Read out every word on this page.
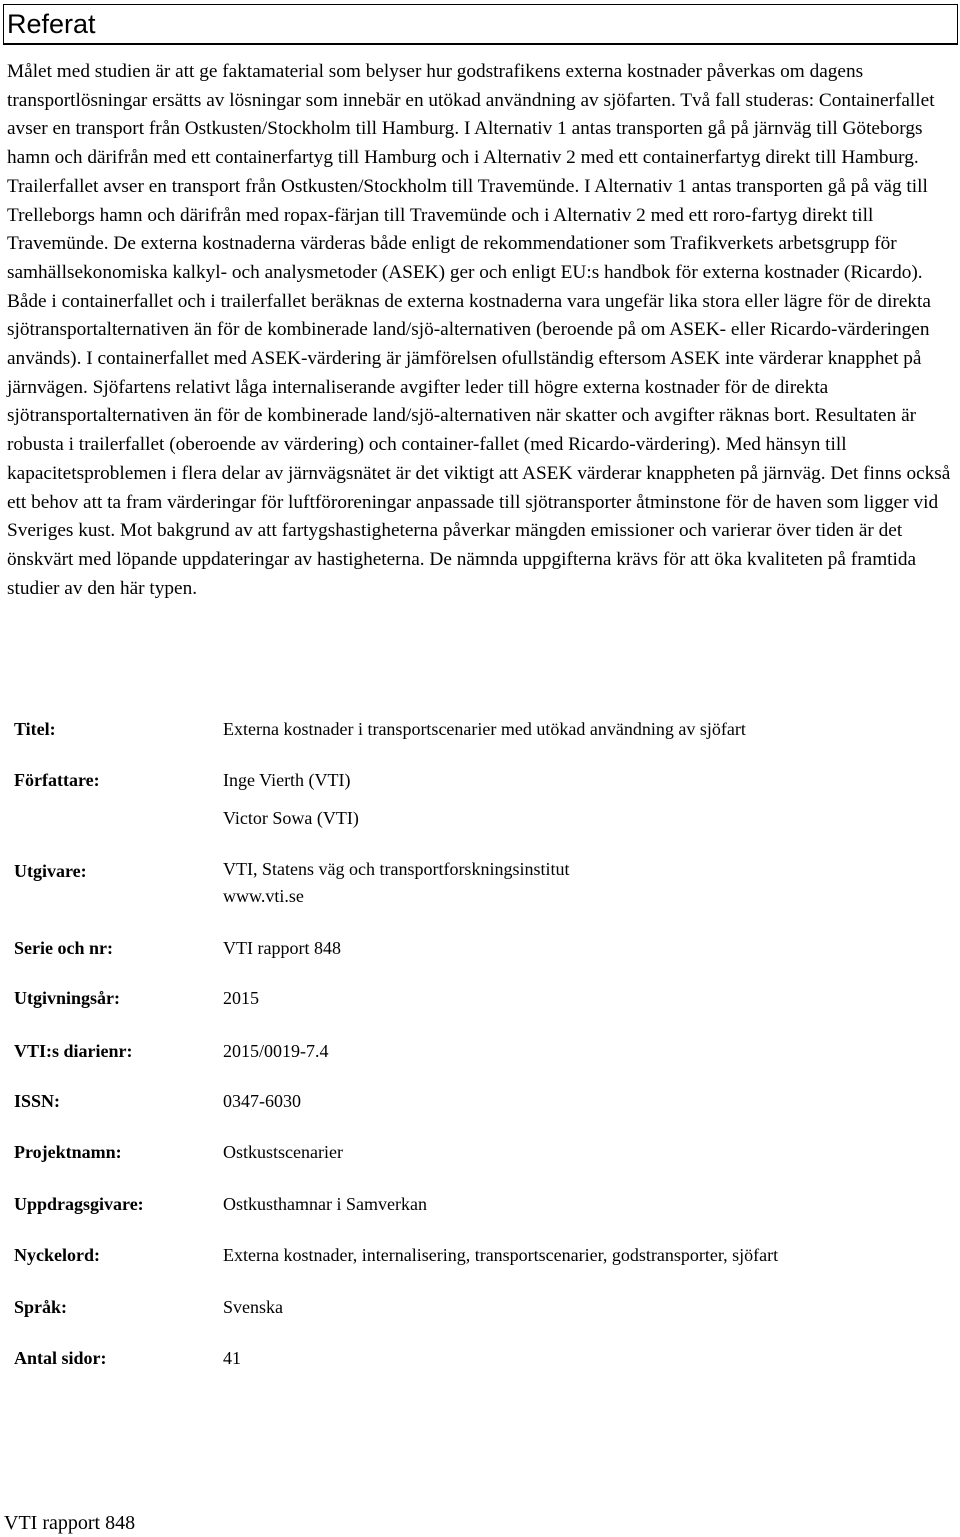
Referat

Målet med studien är att ge faktamaterial som belyser hur godstrafikens externa kostnader påverkas om dagens transportlösningar ersätts av lösningar som innebär en utökad användning av sjöfarten. Två fall studeras: Containerfallet avser en transport från Ostkusten/Stockholm till Hamburg. I Alternativ 1 antas transporten gå på järnväg till Göteborgs hamn och därifrån med ett containerfartyg till Hamburg och i Alternativ 2 med ett containerfartyg direkt till Hamburg. Trailerfallet avser en transport från Ostkusten/Stockholm till Travemünde. I Alternativ 1 antas transporten gå på väg till Trelleborgs hamn och därifrån med ropax-färjan till Travemünde och i Alternativ 2 med ett roro-fartyg direkt till Travemünde. De externa kostnaderna värderas både enligt de rekommendationer som Trafikverkets arbetsgrupp för samhällsekonomiska kalkyl- och analysmetoder (ASEK) ger och enligt EU:s handbok för externa kostnader (Ricardo). Både i containerfallet och i trailerfallet beräknas de externa kostnaderna vara ungefär lika stora eller lägre för de direkta sjötransportalternativen än för de kombinerade land/sjö-alternativen (beroende på om ASEK- eller Ricardo-värderingen används). I containerfallet med ASEK-värdering är jämförelsen ofullständig eftersom ASEK inte värderar knapphet på järnvägen. Sjöfartens relativt låga internaliserande avgifter leder till högre externa kostnader för de direkta sjötransportalternativen än för de kombinerade land/sjö-alternativen när skatter och avgifter räknas bort. Resultaten är robusta i trailerfallet (oberoende av värdering) och container-fallet (med Ricardo-värdering). Med hänsyn till kapacitetsproblemen i flera delar av järnvägsnätet är det viktigt att ASEK värderar knappheten på järnväg. Det finns också ett behov att ta fram värderingar för luftföroreningar anpassade till sjötransporter åtminstone för de haven som ligger vid Sveriges kust. Mot bakgrund av att fartygshastigheterna påverkar mängden emissioner och varierar över tiden är det önskvärt med löpande uppdateringar av hastigheterna. De nämnda uppgifterna krävs för att öka kvaliteten på framtida studier av den här typen.

Titel:	Externa kostnader i transportscenarier med utökad användning av sjöfart
Författare:	Inge Vierth (VTI)
Victor Sowa (VTI)
Utgivare:	VTI, Statens väg och transportforskningsinstitut
www.vti.se
Serie och nr:	VTI rapport 848
Utgivningsår:	2015
VTI:s diarienr:	2015/0019-7.4
ISSN:	0347-6030
Projektnamn:	Ostkustscenarier
Uppdragsgivare:	Ostkusthamnar i Samverkan
Nyckelord:	Externa kostnader, internalisering, transportscenarier, godstransporter, sjöfart
Språk:	Svenska
Antal sidor:	41
VTI rapport 848
